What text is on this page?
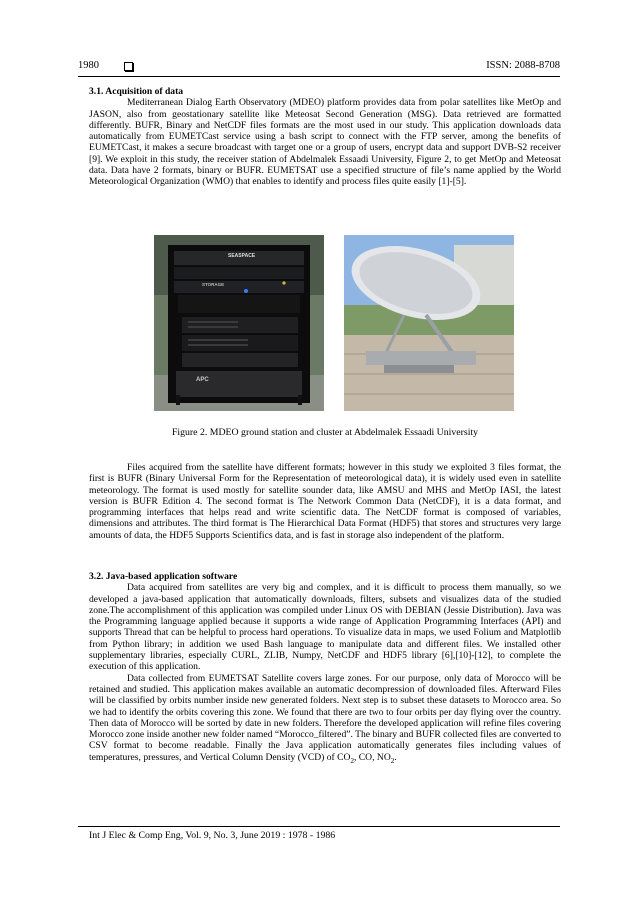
1980	ISSN: 2088-8708
3.1. Acquisition of data

Mediterranean Dialog Earth Observatory (MDEO) platform provides data from polar satellites like MetOp and JASON, also from geostationary satellite like Meteosat Second Generation (MSG). Data retrieved are formatted differently. BUFR, Binary and NetCDF files formats are the most used in our study. This application downloads data automatically from EUMETCast service using a bash script to connect with the FTP server, among the benefits of EUMETCast, it makes a secure broadcast with target one or a group of users, encrypt data and support DVB-S2 receiver [9]. We exploit in this study, the receiver station of Abdelmalek Essaadi University, Figure 2, to get MetOp and Meteosat data. Data have 2 formats, binary or BUFR. EUMETSAT use a specified structure of file’s name applied by the World Meteorological Organization (WMO) that enables to identify and process files quite easily [1]-[5].

SEASPACE
STORAGE
APC
Figure 2. MDEO ground station and cluster at Abdelmalek Essaadi University

Files acquired from the satellite have different formats; however in this study we exploited 3 files format, the first is BUFR (Binary Universal Form for the Representation of meteorological data), it is widely used even in satellite meteorology. The format is used mostly for satellite sounder data, like AMSU and MHS and MetOp IASI, the latest version is BUFR Edition 4. The second format is The Network Common Data (NetCDF), it is a data format, and programming interfaces that helps read and write scientific data. The NetCDF format is composed of variables, dimensions and attributes. The third format is The Hierarchical Data Format (HDF5) that stores and structures very large amounts of data, the HDF5 Supports Scientifics data, and is fast in storage also independent of the platform.

3.2. Java-based application software

Data acquired from satellites are very big and complex, and it is difficult to process them manually, so we developed a java-based application that automatically downloads, filters, subsets and visualizes data of the studied zone.The accomplishment of this application was compiled under Linux OS with DEBIAN (Jessie Distribution). Java was the Programming language applied because it supports a wide range of Application Programming Interfaces (API) and supports Thread that can be helpful to process hard operations. To visualize data in maps, we used Folium and Matplotlib from Python library; in addition we used Bash language to manipulate data and different files. We installed other supplementary libraries, especially CURL, ZLIB, Numpy, NetCDF and HDF5 library [6],[10]-[12], to complete the execution of this application.

Data collected from EUMETSAT Satellite covers large zones. For our purpose, only data of Morocco will be retained and studied. This application makes available an automatic decompression of downloaded files. Afterward Files will be classified by orbits number inside new generated folders. Next step is to subset these datasets to Morocco area. So we had to identify the orbits covering this zone. We found that there are two to four orbits per day flying over the country. Then data of Morocco will be sorted by date in new folders. Therefore the developed application will refine files covering Morocco zone inside another new folder named “Morocco_filtered”. The binary and BUFR collected files are converted to CSV format to become readable. Finally the Java application automatically generates files including values of temperatures, pressures, and Vertical Column Density (VCD) of $CO_2$, CO, $NO_2$.

Int J Elec & Comp Eng, Vol. 9, No. 3, June 2019 : 1978 - 1986
